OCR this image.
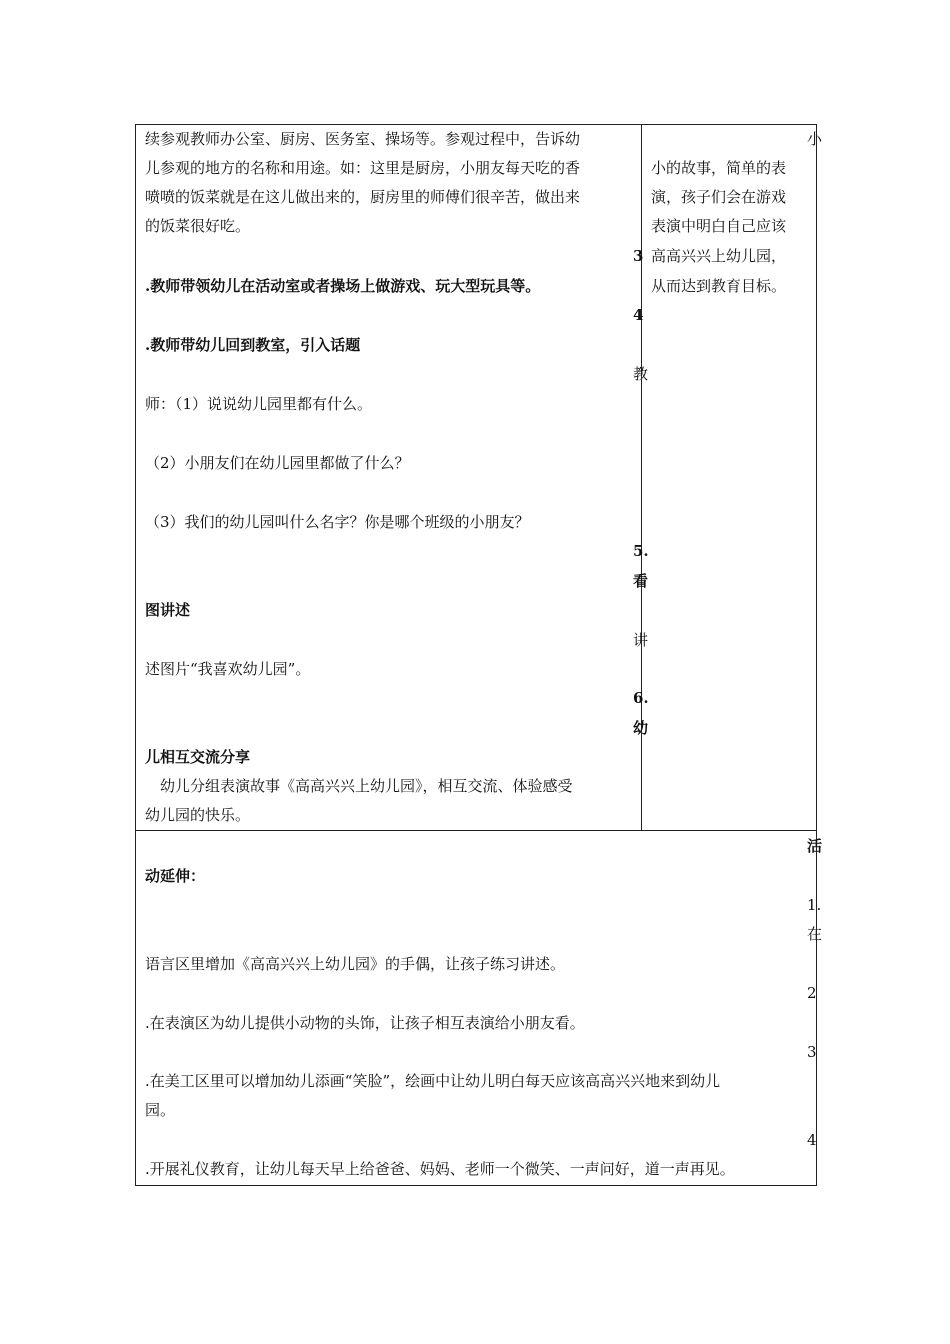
续参观教师办公室、厨房、医务室、操场等。参观过程中，告诉幼
儿参观的地方的名称和用途。如：这里是厨房，小朋友每天吃的香
喷喷的饭菜就是在这儿做出来的，厨房里的师傅们很辛苦，做出来
的饭菜很好吃。
.教师带领幼儿在活动室或者操场上做游戏、玩大型玩具等。
.教师带幼儿回到教室，引入话题
师：（1）说说幼儿园里都有什么。
（2）小朋友们在幼儿园里都做了什么？
（3）我们的幼儿园叫什么名字？你是哪个班级的小朋友？
图讲述
述图片“我喜欢幼儿园”。
儿相互交流分享
　幼儿分组表演故事《高高兴兴上幼儿园》，相互交流、体验感受
幼儿园的快乐。
3
4
教
5.
看
讲
6.
幼
小
小的故事，简单的表
演，孩子们会在游戏
表演中明白自己应该
高高兴兴上幼儿园，
从而达到教育目标。
活
动延伸：
1.
在
语言区里增加《高高兴兴上幼儿园》的手偶，让孩子练习讲述。
2
.在表演区为幼儿提供小动物的头饰，让孩子相互表演给小朋友看。
3
.在美工区里可以增加幼儿添画“笑脸”，绘画中让幼儿明白每天应该高高兴兴地来到幼儿
园。
4
.开展礼仪教育，让幼儿每天早上给爸爸、妈妈、老师一个微笑、一声问好，道一声再见。
